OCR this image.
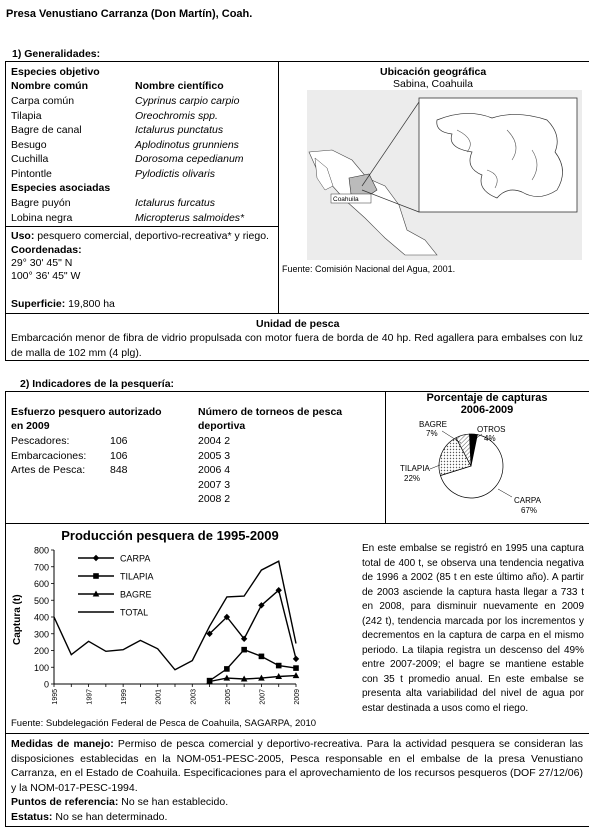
Presa Venustiano Carranza (Don Martín), Coah.
1) Generalidades:
Especies objetivo
Nombre común	Nombre científico
Carpa común	Cyprinus carpio carpio
Tilapia	Oreochromis spp.
Bagre de canal	Ictalurus punctatus
Besugo	Aplodinotus grunniens
Cuchilla	Dorosoma cepedianum
Pintontle	Pylodictis olivaris
Especies asociadas
Bagre puyón	Ictalurus furcatus
Lobina negra	Micropterus salmoides*
Uso: pesquero comercial, deportivo-recreativa* y riego.
Coordenadas:
29° 30' 45" N
100° 36' 45" W
Superficie: 19,800 ha
Ubicación geográfica
Sabina, Coahuila
Coahuila
Fuente: Comisión Nacional del Agua, 2001.
Unidad de pesca
Embarcación menor de fibra de vidrio propulsada con motor fuera de borda de 40 hp. Red agallera para embalses con luz de malla de 102 mm (4 plg).
2) Indicadores de la pesquería:
Esfuerzo pesquero autorizado
en 2009
Pescadores:	106
Embarcaciones: 106
Artes de Pesca: 848
Número de torneos de pesca
deportiva
2004 2
2005 3
2006 4
2007 3
2008 2
Porcentaje de capturas
2006-2009
BAGRE
7%	OTROS
4%
TILAPIA
22%
CARPA
67%
Producción pesquera de 1995-2009
Captura (t)
0
100
200
300
400
500
600
700
800
1995	1997	1999	2001	2003	2005	2007	2009
CARPA
TILAPIA
BAGRE
TOTAL
Fuente: Subdelegación Federal de Pesca de Coahuila, SAGARPA, 2010
En este embalse se registró en 1995 una captura total de 400 t, se observa una tendencia negativa de 1996 a 2002 (85 t en este último año). A partir de 2003 asciende la captura hasta llegar a 733 t en 2008, para disminuir nuevamente en 2009 (242 t), tendencia marcada por los incrementos y decrementos en la captura de carpa en el mismo periodo. La tilapia registra un descenso del 49% entre 2007-2009; el bagre se mantiene estable con 35 t promedio anual. En este embalse se presenta alta variabilidad del nivel de agua por estar destinada a usos como el riego.
Medidas de manejo: Permiso de pesca comercial y deportivo-recreativa. Para la actividad pesquera se consideran las disposiciones establecidas en la NOM-051-PESC-2005, Pesca responsable en el embalse de la presa Venustiano Carranza, en el Estado de Coahuila. Especificaciones para el aprovechamiento de los recursos pesqueros (DOF 27/12/06) y la NOM-017-PESC-1994.
Puntos de referencia: No se han establecido.
Estatus: No se han determinado.
